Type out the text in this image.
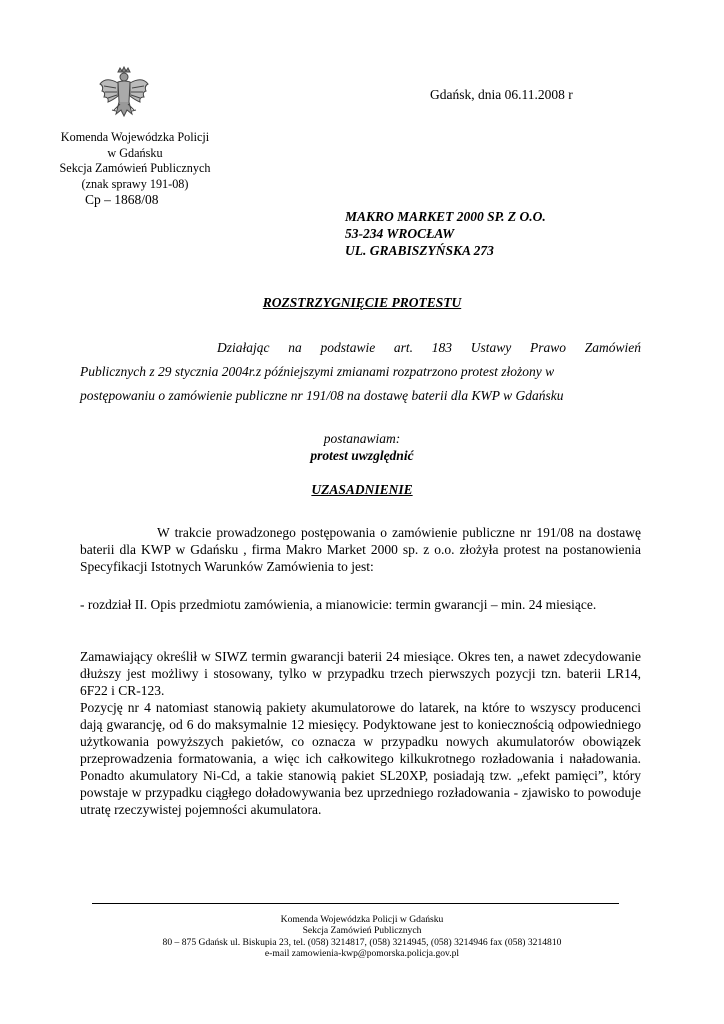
Komenda Wojewódzka Policji
w Gdańsku
Sekcja Zamówień Publicznych
(znak sprawy 191-08)
Cp – 1868/08
Gdańsk, dnia 06.11.2008 r
MAKRO MARKET 2000 SP. Z O.O.
53-234 WROCŁAW
UL. GRABISZYŃSKA 273
ROZSTRZYGNIĘCIE PROTESTU
Działając na podstawie art. 183 Ustawy Prawo Zamówień
Publicznych z 29 stycznia 2004r.z późniejszymi zmianami rozpatrzono protest złożony w
postępowaniu o zamówienie publiczne nr 191/08 na dostawę baterii dla KWP w Gdańsku
postanawiam:
protest uwzględnić
UZASADNIENIE
W trakcie prowadzonego postępowania o zamówienie publiczne nr 191/08 na dostawę baterii dla KWP w Gdańsku , firma Makro Market 2000 sp. z o.o. złożyła protest na postanowienia Specyfikacji Istotnych Warunków Zamówienia to jest:
- rozdział II. Opis przedmiotu zamówienia, a mianowicie: termin gwarancji – min. 24 miesiące.
Zamawiający określił w SIWZ termin gwarancji baterii 24 miesiące. Okres ten, a nawet zdecydowanie dłuższy jest możliwy i stosowany, tylko w przypadku trzech pierwszych pozycji tzn. baterii LR14, 6F22 i CR-123.
Pozycję nr 4 natomiast stanowią pakiety akumulatorowe do latarek, na które to wszyscy producenci dają gwarancję, od 6 do maksymalnie 12 miesięcy. Podyktowane jest to koniecznością odpowiedniego użytkowania powyższych pakietów, co oznacza w przypadku nowych akumulatorów obowiązek przeprowadzenia formatowania, a więc ich całkowitego kilkukrotnego rozładowania i naładowania. Ponadto akumulatory Ni-Cd, a takie stanowią pakiet SL20XP, posiadają tzw. „efekt pamięci”, który powstaje w przypadku ciągłego doładowywania bez uprzedniego rozładowania - zjawisko to powoduje utratę rzeczywistej pojemności akumulatora.
Komenda Wojewódzka Policji w Gdańsku
Sekcja Zamówień Publicznych
80 – 875 Gdańsk ul. Biskupia 23, tel. (058) 3214817, (058) 3214945, (058) 3214946 fax (058) 3214810
e-mail zamowienia-kwp@pomorska.policja.gov.pl
